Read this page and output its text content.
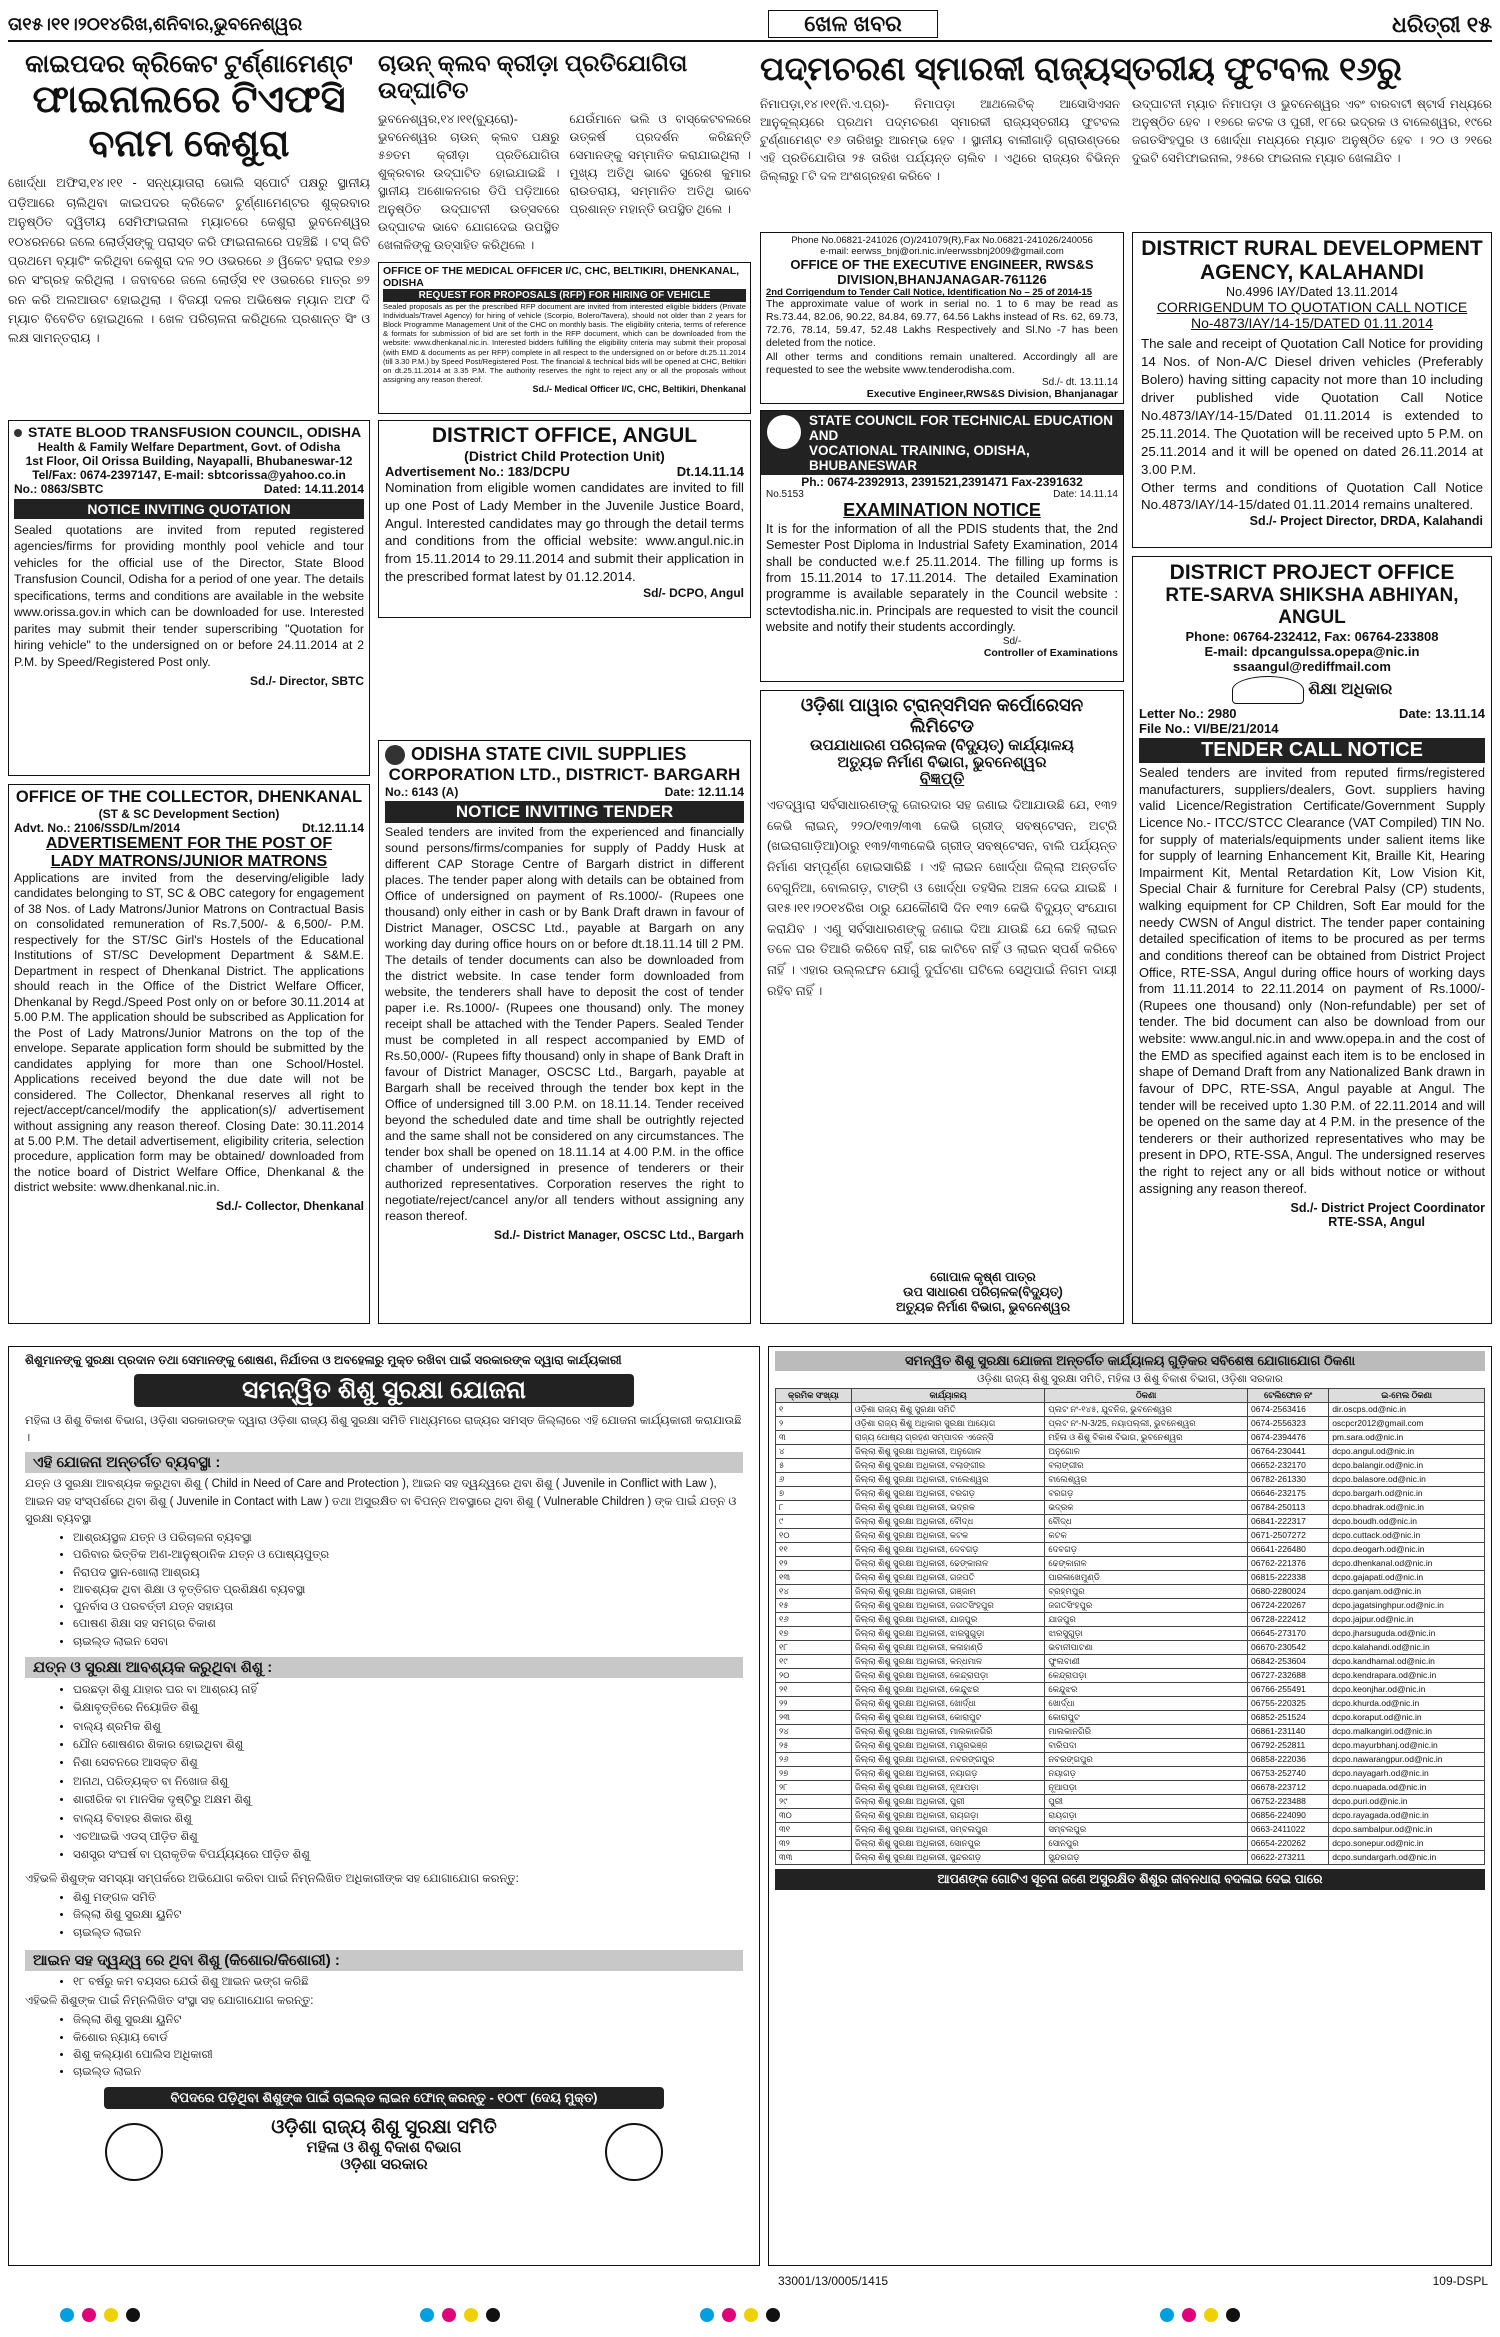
ତା୧୫।୧୧।୨୦୧୪ରିଖ,ଶନିବାର,ଭୁବନେଶ୍ୱର	ଖେଳ ଖବର	ଧରିତ୍ରୀ ୧୫
କାଇପଦର କ୍ରିକେଟ ଟୁର୍ଣ୍ଣାମେଣ୍ଟ
ଫାଇନାଲରେ ଟିଏଫସି
ବନାମ କେଶୁରା
ଖୋର୍ଦ୍ଧା ଅଫିସ,୧୪।୧୧ - ସନ୍ଧ୍ୟାତାରା ଭୋଲି ସ୍ପୋର୍ଟ ପକ୍ଷରୁ ସ୍ଥାନୀୟ ପଡ଼ିଆରେ ଚାଲିଥିବା କାଇପଦର କ୍ରିକେଟ ଟୁର୍ଣ୍ଣାମେଣ୍ଟର ଶୁକ୍ରବାର ଅନୁଷ୍ଠିତ ଦ୍ୱିତୀୟ ସେମିଫାଇନାଲ ମ୍ୟାଚରେ କେଶୁରା ଭୁବନେଶ୍ୱର ୧୦୪ରନରେ ଜଲେ ଲୋର୍ଡ୍ସଙ୍କୁ ପରାସ୍ତ କରି ଫାଇନାଲରେ ପହଞ୍ଚିଛି । ଟସ୍ ଜିତି ପ୍ରଥମେ ବ୍ୟାଟିଂ କରିଥିବା କେଶୁରା ଦଳ ୨୦ ଓଭରରେ ୬ ୱିକେଟ ହରାଇ ୧୭୬ ରନ ସଂଗ୍ରହ କରିଥିଲା । ଜବାବରେ ଜଲେ ଲୋର୍ଡ୍ସ ୧୧ ଓଭରରେ ମାତ୍ର ୭୨ ରନ କରି ଅଲଆଉଟ ହୋଇଥିଲା । ବିଜୟୀ ଦଳର ଅଭିଷେକ ମ୍ୟାନ ଅଫ ଦି ମ୍ୟାଚ ବିବେଚିତ ହୋଇଥିଲେ । ଖେଳ ପରିଚାଳନା କରିଥିଲେ ପ୍ରଶାନ୍ତ ସିଂ ଓ ଲକ୍ଷ ସାମନ୍ତରାୟ ।
ଚାଉନ୍ କ୍ଲବ କ୍ରୀଡ଼ା ପ୍ରତିଯୋଗିତା ଉଦ୍‌ଘାଟିତ
ଭୁବନେଶ୍ୱର,୧୪।୧୧(ବ୍ୟୁରୋ)- ଭୁବନେଶ୍ୱର ଚାଉନ୍ କ୍ଲବ ପକ୍ଷରୁ ୫୭ତମ କ୍ରୀଡ଼ା ପ୍ରତିଯୋଗିତା ଶୁକ୍ରବାର ଉଦ୍‌ଘାଟିତ ହୋଇଯାଇଛି । ସ୍ଥାନୀୟ ଅଶୋକନଗର ଡିପି ପଡ଼ିଆରେ ଅନୁଷ୍ଠିତ ଉଦ୍‌ଘାଟନୀ ଉତ୍ସବରେ ଉଦ୍‌ଘାଟକ ଭାବେ ଯୋଗଦେଇ ଉପସ୍ଥିତ ଖେଳାଳିଙ୍କୁ ଉତ୍ସାହିତ କରିଥିଲେ ।
ଯେଉଁମାନେ ଭଲି ଓ ବାସ୍କେଟବଲରେ ଉତ୍କର୍ଷ ପ୍ରଦର୍ଶନ କରିଛନ୍ତି ସେମାନଙ୍କୁ ସମ୍ମାନିତ କରାଯାଇଥିଲା । ମୁଖ୍ୟ ଅତିଥି ଭାବେ ସୁରେଶ କୁମାର ରାଉତରାୟ, ସମ୍ମାନିତ ଅତିଥି ଭାବେ ପ୍ରଶାନ୍ତ ମହାନ୍ତି ଉପସ୍ଥିତ ଥିଲେ ।
ପଦ୍ମଚରଣ ସ୍ମାରକୀ ରାଜ୍ୟସ୍ତରୀୟ ଫୁଟବଲ ୧୬ରୁ
ନିମାପଡ଼ା,୧୪।୧୧(ନି.ଏ.ପ୍ର)- ନିମାପଡ଼ା ଆଥଲେଟିକ୍ ଆସୋସିଏସନ ଆନୁକୂଲ୍ୟରେ ପ୍ରଥମ ପଦ୍ମଚରଣ ସ୍ମାରକୀ ରାଜ୍ୟସ୍ତରୀୟ ଫୁଟବଲ ଟୁର୍ଣ୍ଣାମେଣ୍ଟ ୧୬ ତାରିଖରୁ ଆରମ୍ଭ ହେବ । ସ୍ଥାନୀୟ ବାଲୀଗାଡ଼ି ଗ୍ରାଉଣ୍ଡରେ ଏହି ପ୍ରତିଯୋଗିତା ୨୫ ତାରିଖ ପର୍ଯ୍ୟନ୍ତ ଚାଲିବ । ଏଥିରେ ରାଜ୍ୟର ବିଭିନ୍ନ ଜିଲ୍ଲାରୁ ୮ଟି ଦଳ ଅଂଶଗ୍ରହଣ କରିବେ ।
ଉଦ୍‌ଘାଟନୀ ମ୍ୟାଚ ନିମାପଡ଼ା ଓ ଭୁବନେଶ୍ୱର ଏବଂ ବାରବାଟୀ ଷ୍ଟାର୍ସ ମଧ୍ୟରେ ଅନୁଷ୍ଠିତ ହେବ । ୧୭ରେ କଟକ ଓ ପୁରୀ, ୧୮ରେ ଭଦ୍ରକ ଓ ବାଲେଶ୍ୱର, ୧୯ରେ ଜଗତସିଂହପୁର ଓ ଖୋର୍ଦ୍ଧା ମଧ୍ୟରେ ମ୍ୟାଚ ଅନୁଷ୍ଠିତ ହେବ । ୨୦ ଓ ୨୧ରେ ଦୁଇଟି ସେମିଫାଇନାଲ, ୨୫ରେ ଫାଇନାଲ ମ୍ୟାଚ ଖେଳାଯିବ ।
STATE BLOOD TRANSFUSION COUNCIL, ODISHA
Health & Family Welfare Department, Govt. of Odisha
1st Floor, Oil Orissa Building, Nayapalli, Bhubaneswar-12
Tel/Fax: 0674-2397147, E-mail: sbtcorissa@yahoo.co.in
No.: 0863/SBTC	Dated: 14.11.2014
NOTICE INVITING QUOTATION
Sealed quotations are invited from reputed registered agencies/firms for providing monthly pool vehicle and tour vehicles for the official use of the Director, State Blood Transfusion Council, Odisha for a period of one year. The details specifications, terms and conditions are available in the website www.orissa.gov.in which can be downloaded for use. Interested parites may submit their tender superscribing "Quotation for hiring vehicle" to the undersigned on or before 24.11.2014 at 2 P.M. by Speed/Registered Post only.
Sd./- Director, SBTC
OFFICE OF THE MEDICAL OFFICER I/C, CHC, BELTIKIRI, DHENKANAL, ODISHA
REQUEST FOR PROPOSALS (RFP) FOR HIRING OF VEHICLE
Sealed proposals as per the prescribed RFP document are invited from interested eligible bidders (Private Individuals/Travel Agency) for hiring of vehicle (Scorpio, Bolero/Tavera), should not older than 2 years for Block Programme Management Unit of the CHC on monthly basis. The eligibility criteria, terms of reference & formats for submission of bid are set forth in the RFP document, which can be downloaded from the website: www.dhenkanal.nic.in. Interested bidders fulfilling the eligibility criteria may submit their proposal (with EMD & documents as per RFP) complete in all respect to the undersigned on or before dt.25.11.2014 (till 3.30 P.M.) by Speed Post/Registered Post. The financial & technical bids will be opened at CHC, Beltikiri on dt.25.11.2014 at 3.35 P.M. The authority reserves the right to reject any or all the proposals without assigning any reason thereof.
Sd./- Medical Officer I/C, CHC, Beltikiri, Dhenkanal
DISTRICT OFFICE, ANGUL
(District Child Protection Unit)
Advertisement No.: 183/DCPU	Dt.14.11.14
Nomination from eligible women candidates are invited to fill up one Post of Lady Member in the Juvenile Justice Board, Angul. Interested candidates may go through the detail terms and conditions from the official website: www.angul.nic.in from 15.11.2014 to 29.11.2014 and submit their application in the prescribed format latest by 01.12.2014.
Sd/- DCPO, Angul
OFFICE OF THE COLLECTOR, DHENKANAL
(ST & SC Development Section)
Advt. No.: 2106/SSD/Lm/2014	Dt.12.11.14
ADVERTISEMENT FOR THE POST OF
LADY MATRONS/JUNIOR MATRONS
Applications are invited from the deserving/eligible lady candidates belonging to ST, SC & OBC category for engagement of 38 Nos. of Lady Matrons/Junior Matrons on Contractual Basis on consolidated remuneration of Rs.7,500/- & 6,500/- P.M. respectively for the ST/SC Girl's Hostels of the Educational Institutions of ST/SC Development Department & S&M.E. Department in respect of Dhenkanal District. The applications should reach in the Office of the District Welfare Officer, Dhenkanal by Regd./Speed Post only on or before 30.11.2014 at 5.00 P.M. The application should be subscribed as Application for the Post of Lady Matrons/Junior Matrons on the top of the envelope. Separate application form should be submitted by the candidates applying for more than one School/Hostel. Applications received beyond the due date will not be considered. The Collector, Dhenkanal reserves all right to reject/accept/cancel/modify the application(s)/ advertisement without assigning any reason thereof. Closing Date: 30.11.2014 at 5.00 P.M. The detail advertisement, eligibility criteria, selection procedure, application form may be obtained/ downloaded from the notice board of District Welfare Office, Dhenkanal & the district website: www.dhenkanal.nic.in.
Sd./- Collector, Dhenkanal
ODISHA STATE CIVIL SUPPLIES
CORPORATION LTD., DISTRICT- BARGARH
No.: 6143 (A)	Date: 12.11.14
NOTICE INVITING TENDER
Sealed tenders are invited from the experienced and financially sound persons/firms/companies for supply of Paddy Husk at different CAP Storage Centre of Bargarh district in different places. The tender paper along with details can be obtained from Office of undersigned on payment of Rs.1000/- (Rupees one thousand) only either in cash or by Bank Draft drawn in favour of District Manager, OSCSC Ltd., payable at Bargarh on any working day during office hours on or before dt.18.11.14 till 2 PM. The details of tender documents can also be downloaded from the district website. In case tender form downloaded from website, the tenderers shall have to deposit the cost of tender paper i.e. Rs.1000/- (Rupees one thousand) only. The money receipt shall be attached with the Tender Papers. Sealed Tender must be completed in all respect accompanied by EMD of Rs.50,000/- (Rupees fifty thousand) only in shape of Bank Draft in favour of District Manager, OSCSC Ltd., Bargarh, payable at Bargarh shall be received through the tender box kept in the Office of undersigned till 3.00 P.M. on 18.11.14. Tender received beyond the scheduled date and time shall be outrightly rejected and the same shall not be considered on any circumstances. The tender box shall be opened on 18.11.14 at 4.00 P.M. in the office chamber of undersigned in presence of tenderers or their authorized representatives. Corporation reserves the right to negotiate/reject/cancel any/or all tenders without assigning any reason thereof.
Sd./- District Manager, OSCSC Ltd., Bargarh
Phone No.06821-241026 (O)/241079(R),Fax No.06821-241026/240056
e-mail: eerwss_bnj@ori.nic.in/eerwssbnj2009@gmail.com
OFFICE OF THE EXECUTIVE ENGINEER, RWS&S
DIVISION,BHANJANAGAR-761126
2nd Corrigendum to Tender Call Notice, Identification No – 25 of 2014-15
The approximate value of work in serial no. 1 to 6 may be read as Rs.73.44, 82.06, 90.22, 84.84, 69.77, 64.56 Lakhs instead of Rs. 62, 69.73, 72.76, 78.14, 59.47, 52.48 Lakhs Respectively and Sl.No -7 has been deleted from the notice.
All other terms and conditions remain unaltered. Accordingly all are requested to see the website www.tenderodisha.com.
Sd./- dt. 13.11.14
Executive Engineer,RWS&S Division, Bhanjanagar
STATE COUNCIL FOR TECHNICAL EDUCATION AND
VOCATIONAL TRAINING, ODISHA, BHUBANESWAR
Ph.: 0674-2392913, 2391521,2391471 Fax-2391632
No.5153	Date: 14.11.14
EXAMINATION NOTICE
It is for the information of all the PDIS students that, the 2nd Semester Post Diploma in Industrial Safety Examination, 2014 shall be conducted w.e.f 25.11.2014. The filling up forms is from 15.11.2014 to 17.11.2014. The detailed Examination programme is available separately in the Council website : sctevtodisha.nic.in. Principals are requested to visit the council website and notify their students accordingly.
Sd/-
Controller of Examinations
ଓଡ଼ିଶା ପାୱାର ଟ୍ରାନ୍ସମିସନ କର୍ପୋରେସନ ଲିମିଟେଡ
ଉପଯାଧାରଣ ପରିଚାଳକ (ବିଦ୍ୟୁତ୍) କାର୍ଯ୍ୟାଳୟ
ଅତ୍ୟୁଚ୍ଚ ନିର୍ମାଣ ବିଭାଗ, ଭୁବନେଶ୍ୱର
ବିଜ୍ଞପ୍ତି
ଏତଦ୍ୱାରା ସର୍ବସାଧାରଣଙ୍କୁ ଜୋରଦାର ସହ ଜଣାଇ ଦିଆଯାଉଛି ଯେ, ୧୩୨ କେଭି ଲାଇନ୍, ୨୨୦/୧୩୨/୩୩ କେଭି ଗ୍ରୀଡ୍ ସବଷ୍ଟେସନ, ଅଟ୍ରି (ଖଇରାଗାଡ଼ିଆ)ଠାରୁ ୧୩୨/୩୩କେଭି ଗ୍ରୀଡ୍ ସବଷ୍ଟେସନ, ବାଲି ପର୍ଯ୍ୟନ୍ତ ନିର୍ମାଣ ସମ୍ପୂର୍ଣ୍ଣ ହୋଇସାରିଛି । ଏହି ଲାଇନ ଖୋର୍ଦ୍ଧା ଜିଲ୍ଲା ଅନ୍ତର୍ଗତ ବେଗୁନିଆ, ବୋଲଗଡ଼, ଟାଙ୍ଗି ଓ ଖୋର୍ଦ୍ଧା ତହସିଲ ଅଞ୍ଚଳ ଦେଇ ଯାଇଛି । ତା୧୫।୧୧।୨୦୧୪ରିଖ ଠାରୁ ଯେକୌଣସି ଦିନ ୧୩୨ କେଭି ବିଦ୍ୟୁତ୍ ସଂଯୋଗ କରାଯିବ । ଏଣୁ ସର୍ବସାଧାରଣଙ୍କୁ ଜଣାଇ ଦିଆ ଯାଉଛି ଯେ କେହି ଲାଇନ ତଳେ ଘର ତିଆରି କରିବେ ନାହିଁ, ଗଛ କାଟିବେ ନାହିଁ ଓ ଲାଇନ ସ୍ପର୍ଶ କରିବେ ନାହିଁ । ଏହାର ଉଲ୍ଲଙ୍ଘନ ଯୋଗୁଁ ଦୁର୍ଘଟଣା ଘଟିଲେ ସେଥିପାଇଁ ନିଗମ ଦାୟୀ ରହିବ ନାହିଁ ।
ଗୋପାଳ କୃଷ୍ଣ ପାତ୍ର
ଉପ ସାଧାରଣ ପରିଚାଳକ(ବିଦ୍ୟୁତ୍)
ଅତ୍ୟୁଚ୍ଚ ନିର୍ମାଣ ବିଭାଗ, ଭୁବନେଶ୍ୱର
DISTRICT RURAL DEVELOPMENT
AGENCY, KALAHANDI
No.4996 IAY/Dated 13.11.2014
CORRIGENDUM TO QUOTATION CALL NOTICE
No-4873/IAY/14-15/DATED 01.11.2014
The sale and receipt of Quotation Call Notice for providing 14 Nos. of Non-A/C Diesel driven vehicles (Preferably Bolero) having sitting capacity not more than 10 including driver published vide Quotation Call Notice No.4873/IAY/14-15/Dated 01.11.2014 is extended to 25.11.2014. The Quotation will be received upto 5 P.M. on 25.11.2014 and it will be opened on dated 26.11.2014 at 3.00 P.M.
Other terms and conditions of Quotation Call Notice No.4873/IAY/14-15/dated 01.11.2014 remains unaltered.
Sd./- Project Director, DRDA, Kalahandi
DISTRICT PROJECT OFFICE
RTE-SARVA SHIKSHA ABHIYAN, ANGUL
Phone: 06764-232412, Fax: 06764-233808
E-mail: dpcangulssa.opepa@nic.in
ssaangul@rediffmail.com
ଶିକ୍ଷା ଅଧିକାର
Letter No.: 2980	Date: 13.11.14
File No.: VI/BE/21/2014
TENDER CALL NOTICE
Sealed tenders are invited from reputed firms/registered manufacturers, suppliers/dealers, Govt. suppliers having valid Licence/Registration Certificate/Government Supply Licence No.- ITCC/STCC Clearance (VAT Compiled) TIN No. for supply of materials/equipments under salient items like for supply of learning Enhancement Kit, Braille Kit, Hearing Impairment Kit, Mental Retardation Kit, Low Vision Kit, Special Chair & furniture for Cerebral Palsy (CP) students, walking equipment for CP Children, Soft Ear mould for the needy CWSN of Angul district. The tender paper containing detailed specification of items to be procured as per terms and conditions thereof can be obtained from District Project Office, RTE-SSA, Angul during office hours of working days from 11.11.2014 to 22.11.2014 on payment of Rs.1000/- (Rupees one thousand) only (Non-refundable) per set of tender. The bid document can also be download from our website: www.angul.nic.in and www.opepa.in and the cost of the EMD as specified against each item is to be enclosed in shape of Demand Draft from any Nationalized Bank drawn in favour of DPC, RTE-SSA, Angul payable at Angul. The tender will be received upto 1.30 P.M. of 22.11.2014 and will be opened on the same day at 4 P.M. in the presence of the tenderers or their authorized representatives who may be present in DPO, RTE-SSA, Angul. The undersigned reserves the right to reject any or all bids without notice or without assigning any reason thereof.
Sd./- District Project Coordinator
RTE-SSA, Angul
ଶିଶୁମାନଙ୍କୁ ସୁରକ୍ଷା ପ୍ରଦାନ ତଥା ସେମାନଙ୍କୁ ଶୋଷଣ, ନିର୍ଯାତନା ଓ ଅବହେଳାରୁ ମୁକ୍ତ ରଖିବା ପାଇଁ ସରକାରଙ୍କ ଦ୍ୱାରା କାର୍ଯ୍ୟକାରୀ
ସମନ୍ୱିତ ଶିଶୁ ସୁରକ୍ଷା ଯୋଜନା
ମହିଳା ଓ ଶିଶୁ ବିକାଶ ବିଭାଗ, ଓଡ଼ିଶା ସରକାରଙ୍କ ଦ୍ୱାରା ଓଡ଼ିଶା ରାଜ୍ୟ ଶିଶୁ ସୁରକ୍ଷା ସମିତି ମାଧ୍ୟମରେ ରାଜ୍ୟର ସମସ୍ତ ଜିଲ୍ଲାରେ ଏହି ଯୋଜନା କାର୍ଯ୍ୟକାରୀ କରାଯାଉଛି ।
ଏହି ଯୋଜନା ଅନ୍ତର୍ଗତ ବ୍ୟବସ୍ଥା :
ଯତ୍ନ ଓ ସୁରକ୍ଷା ଆବଶ୍ୟକ କରୁଥିବା ଶିଶୁ ( Child in Need of Care and Protection ), ଆଇନ ସହ ଦ୍ୱନ୍ଦ୍ୱରେ ଥିବା ଶିଶୁ ( Juvenile in Conflict with Law ), ଆଇନ ସହ ସଂସ୍ପର୍ଶରେ ଥିବା ଶିଶୁ ( Juvenile in Contact with Law ) ତଥା ଅସୁରକ୍ଷିତ ବା ବିପନ୍ନ ଅବସ୍ଥାରେ ଥିବା ଶିଶୁ ( Vulnerable Children ) ଙ୍କ ପାଇଁ ଯତ୍ନ ଓ ସୁରକ୍ଷା ବ୍ୟବସ୍ଥା
• ଆଶ୍ରୟସ୍ଥଳ ଯତ୍ନ ଓ ପରିଚାଳନା ବ୍ୟବସ୍ଥା
• ପରିବାର ଭିତ୍ତିକ ଅଣ-ଆନୁଷ୍ଠାନିକ ଯତ୍ନ ଓ ପୋଷ୍ୟପୁତ୍ର
• ନିରାପଦ ସ୍ଥାନ-ଖୋଲା ଆଶ୍ରୟ
• ଆବଶ୍ୟକ ଥିବା ଶିକ୍ଷା ଓ ବୃତ୍ତିଗତ ପ୍ରଶିକ୍ଷଣ ବ୍ୟବସ୍ଥା
• ପୁନର୍ବାସ ଓ ପରବର୍ତ୍ତୀ ଯତ୍ନ ସହାୟତା
• ପୋଷଣ ଶିକ୍ଷା ସହ ସମଗ୍ର ବିକାଶ
• ଚାଇଲ୍ଡ ଲାଇନ ସେବା
ଯତ୍ନ ଓ ସୁରକ୍ଷା ଆବଶ୍ୟକ କରୁଥିବା ଶିଶୁ :
• ଘରଛଡ଼ା ଶିଶୁ ଯାହାର ଘର ବା ଆଶ୍ରୟ ନାହିଁ
• ଭିକ୍ଷାବୃତ୍ତିରେ ନିୟୋଜିତ ଶିଶୁ
• ବାଲ୍ୟ ଶ୍ରମିକ ଶିଶୁ
• ଯୌନ ଶୋଷଣର ଶିକାର ହୋଇଥିବା ଶିଶୁ
• ନିଶା ସେବନରେ ଆସକ୍ତ ଶିଶୁ
• ଅନାଥ, ପରିତ୍ୟକ୍ତ ବା ନିଖୋଜ ଶିଶୁ
• ଶାରୀରିକ ବା ମାନସିକ ଦୃଷ୍ଟିରୁ ଅକ୍ଷମ ଶିଶୁ
• ବାଲ୍ୟ ବିବାହର ଶିକାର ଶିଶୁ
• ଏଚଆଇଭି ଏଡସ୍ ପୀଡ଼ିତ ଶିଶୁ
• ସଶସ୍ତ୍ର ସଂଘର୍ଷ ବା ପ୍ରାକୃତିକ ବିପର୍ଯ୍ୟୟରେ ପୀଡ଼ିତ ଶିଶୁ
ଏହିଭଳି ଶିଶୁଙ୍କ ସମସ୍ୟା ସମ୍ପର୍କରେ ଅଭିଯୋଗ କରିବା ପାଇଁ ନିମ୍ନଲିଖିତ ଅଧିକାରୀଙ୍କ ସହ ଯୋଗାଯୋଗ କରନ୍ତୁ:
• ଶିଶୁ ମଙ୍ଗଳ ସମିତି
• ଜିଲ୍ଲା ଶିଶୁ ସୁରକ୍ଷା ୟୁନିଟ
• ଚାଇଲ୍ଡ ଲାଇନ
ଆଇନ ସହ ଦ୍ୱନ୍ଦ୍ୱ ରେ ଥିବା ଶିଶୁ (କିଶୋର/କିଶୋରୀ) :
• ୧୮ ବର୍ଷରୁ କମ ବୟସର ଯେଉଁ ଶିଶୁ ଆଇନ ଭଙ୍ଗ କରିଛି
ଏହିଭଳି ଶିଶୁଙ୍କ ପାଇଁ ନିମ୍ନଲିଖିତ ସଂସ୍ଥା ସହ ଯୋଗାଯୋଗ କରନ୍ତୁ:
• ଜିଲ୍ଲା ଶିଶୁ ସୁରକ୍ଷା ୟୁନିଟ
• କିଶୋର ନ୍ୟାୟ ବୋର୍ଡ
• ଶିଶୁ କଲ୍ୟାଣ ପୋଲିସ ଅଧିକାରୀ
• ଚାଇଲ୍ଡ ଲାଇନ
ବିପଦରେ ପଡ଼ିଥିବା ଶିଶୁଙ୍କ ପାଇଁ ଚାଇଲ୍ଡ ଲାଇନ ଫୋନ୍ କରନ୍ତୁ - ୧୦୯୮ (ଦେୟ ମୁକ୍ତ)
ଓଡ଼ିଶା ରାଜ୍ୟ ଶିଶୁ ସୁରକ୍ଷା ସମିତି
ମହିଳା ଓ ଶିଶୁ ବିକାଶ ବିଭାଗ
ଓଡ଼ିଶା ସରକାର
ସମନ୍ୱିତ ଶିଶୁ ସୁରକ୍ଷା ଯୋଜନା ଅନ୍ତର୍ଗତ କାର୍ଯ୍ୟାଳୟ ଗୁଡ଼ିକର ସବିଶେଷ ଯୋଗାଯୋଗ ଠିକଣା
ଓଡ଼ିଶା ରାଜ୍ୟ ଶିଶୁ ସୁରକ୍ଷା ସମିତି, ମହିଳା ଓ ଶିଶୁ ବିକାଶ ବିଭାଗ, ଓଡ଼ିଶା ସରକାର
କ୍ରମିକ ସଂଖ୍ୟା	କାର୍ଯ୍ୟାଳୟ	ଠିକଣା	ଟେଲିଫୋନ ନଂ	ଇ-ମେଲ ଠିକଣା
୧	ଓଡ଼ିଶା ରାଜ୍ୟ ଶିଶୁ ସୁରକ୍ଷା ସମିତି	ପ୍ଲଟ ନଂ-୧୪୫, ଯୁବନିଜ, ଭୁବନେଶ୍ୱର	0674-2563416	dir.oscps.od@nic.in
୨	ଓଡ଼ିଶା ରାଜ୍ୟ ଶିଶୁ ଅଧିକାର ସୁରକ୍ଷା ଆୟୋଗ	ପ୍ଲଟ ନଂ-N-3/25, ନୟାପଲ୍ଲୀ, ଭୁବନେଶ୍ୱର	0674-2556323	oscpcr2012@gmail.com
୩	ରାଜ୍ୟ ପୋଷ୍ୟ ଗ୍ରହଣ ସମ୍ପାଦନ ଏଜେନ୍ସି	ମହିଳା ଓ ଶିଶୁ ବିକାଶ ବିଭାଗ, ଭୁବନେଶ୍ୱର	0674-2394476	pm.sara.od@nic.in
୪	ଜିଲ୍ଲା ଶିଶୁ ସୁରକ୍ଷା ଅଧିକାରୀ, ଅନୁଗୋଳ	ଅନୁଗୋଳ	06764-230441	dcpo.angul.od@nic.in
୫	ଜିଲ୍ଲା ଶିଶୁ ସୁରକ୍ଷା ଅଧିକାରୀ, ବଲାଙ୍ଗୀର	ବଲାଙ୍ଗୀର	06652-232170	dcpo.balangir.od@nic.in
୬	ଜିଲ୍ଲା ଶିଶୁ ସୁରକ୍ଷା ଅଧିକାରୀ, ବାଲେଶ୍ୱର	ବାଲେଶ୍ୱର	06782-261330	dcpo.balasore.od@nic.in
୭	ଜିଲ୍ଲା ଶିଶୁ ସୁରକ୍ଷା ଅଧିକାରୀ, ବରଗଡ଼	ବରଗଡ଼	06646-232175	dcpo.bargarh.od@nic.in
୮	ଜିଲ୍ଲା ଶିଶୁ ସୁରକ୍ଷା ଅଧିକାରୀ, ଭଦ୍ରକ	ଭଦ୍ରକ	06784-250113	dcpo.bhadrak.od@nic.in
୯	ଜିଲ୍ଲା ଶିଶୁ ସୁରକ୍ଷା ଅଧିକାରୀ, ବୌଦ୍ଧ	ବୌଦ୍ଧ	06841-222317	dcpo.boudh.od@nic.in
୧୦	ଜିଲ୍ଲା ଶିଶୁ ସୁରକ୍ଷା ଅଧିକାରୀ, କଟକ	କଟକ	0671-2507272	dcpo.cuttack.od@nic.in
୧୧	ଜିଲ୍ଲା ଶିଶୁ ସୁରକ୍ଷା ଅଧିକାରୀ, ଦେବଗଡ଼	ଦେବଗଡ଼	06641-226480	dcpo.deogarh.od@nic.in
୧୨	ଜିଲ୍ଲା ଶିଶୁ ସୁରକ୍ଷା ଅଧିକାରୀ, ଢେଙ୍କାନାଳ	ଢେଙ୍କାନାଳ	06762-221376	dcpo.dhenkanal.od@nic.in
୧୩	ଜିଲ୍ଲା ଶିଶୁ ସୁରକ୍ଷା ଅଧିକାରୀ, ଗଜପତି	ପାରଳାଖେମୁଣ୍ଡି	06815-222338	dcpo.gajapati.od@nic.in
୧୪	ଜିଲ୍ଲା ଶିଶୁ ସୁରକ୍ଷା ଅଧିକାରୀ, ଗଞ୍ଜାମ	ବ୍ରହ୍ମପୁର	0680-2280024	dcpo.ganjam.od@nic.in
୧୫	ଜିଲ୍ଲା ଶିଶୁ ସୁରକ୍ଷା ଅଧିକାରୀ, ଜଗତସିଂହପୁର	ଜଗତସିଂହପୁର	06724-220267	dcpo.jagatsinghpur.od@nic.in
୧୬	ଜିଲ୍ଲା ଶିଶୁ ସୁରକ୍ଷା ଅଧିକାରୀ, ଯାଜପୁର	ଯାଜପୁର	06728-222412	dcpo.jajpur.od@nic.in
୧୭	ଜିଲ୍ଲା ଶିଶୁ ସୁରକ୍ଷା ଅଧିକାରୀ, ଝାରସୁଗୁଡ଼ା	ଝାରସୁଗୁଡ଼ା	06645-273170	dcpo.jharsuguda.od@nic.in
୧୮	ଜିଲ୍ଲା ଶିଶୁ ସୁରକ୍ଷା ଅଧିକାରୀ, କଳାହାଣ୍ଡି	ଭବାନୀପାଟଣା	06670-230542	dcpo.kalahandi.od@nic.in
୧୯	ଜିଲ୍ଲା ଶିଶୁ ସୁରକ୍ଷା ଅଧିକାରୀ, କନ୍ଧମାଳ	ଫୁଲବାଣୀ	06842-253604	dcpo.kandhamal.od@nic.in
୨୦	ଜିଲ୍ଲା ଶିଶୁ ସୁରକ୍ଷା ଅଧିକାରୀ, କେନ୍ଦ୍ରାପଡ଼ା	କେନ୍ଦ୍ରାପଡ଼ା	06727-232688	dcpo.kendrapara.od@nic.in
୨୧	ଜିଲ୍ଲା ଶିଶୁ ସୁରକ୍ଷା ଅଧିକାରୀ, କେନ୍ଦୁଝର	କେନ୍ଦୁଝର	06766-255491	dcpo.keonjhar.od@nic.in
୨୨	ଜିଲ୍ଲା ଶିଶୁ ସୁରକ୍ଷା ଅଧିକାରୀ, ଖୋର୍ଦ୍ଧା	ଖୋର୍ଦ୍ଧା	06755-220325	dcpo.khurda.od@nic.in
୨୩	ଜିଲ୍ଲା ଶିଶୁ ସୁରକ୍ଷା ଅଧିକାରୀ, କୋରାପୁଟ	କୋରାପୁଟ	06852-251524	dcpo.koraput.od@nic.in
୨୪	ଜିଲ୍ଲା ଶିଶୁ ସୁରକ୍ଷା ଅଧିକାରୀ, ମାଲକାନଗିରି	ମାଲକାନଗିରି	06861-231140	dcpo.malkangiri.od@nic.in
୨୫	ଜିଲ୍ଲା ଶିଶୁ ସୁରକ୍ଷା ଅଧିକାରୀ, ମୟୂରଭଞ୍ଜ	ବାରିପଦା	06792-252811	dcpo.mayurbhanj.od@nic.in
୨୬	ଜିଲ୍ଲା ଶିଶୁ ସୁରକ୍ଷା ଅଧିକାରୀ, ନବରଙ୍ଗପୁର	ନବରଙ୍ଗପୁର	06858-222036	dcpo.nawarangpur.od@nic.in
୨୭	ଜିଲ୍ଲା ଶିଶୁ ସୁରକ୍ଷା ଅଧିକାରୀ, ନୟାଗଡ଼	ନୟାଗଡ଼	06753-252740	dcpo.nayagarh.od@nic.in
୨୮	ଜିଲ୍ଲା ଶିଶୁ ସୁରକ୍ଷା ଅଧିକାରୀ, ନୂଆପଡ଼ା	ନୂଆପଡ଼ା	06678-223712	dcpo.nuapada.od@nic.in
୨୯	ଜିଲ୍ଲା ଶିଶୁ ସୁରକ୍ଷା ଅଧିକାରୀ, ପୁରୀ	ପୁରୀ	06752-223488	dcpo.puri.od@nic.in
୩୦	ଜିଲ୍ଲା ଶିଶୁ ସୁରକ୍ଷା ଅଧିକାରୀ, ରାୟଗଡ଼ା	ରାୟଗଡ଼ା	06856-224090	dcpo.rayagada.od@nic.in
୩୧	ଜିଲ୍ଲା ଶିଶୁ ସୁରକ୍ଷା ଅଧିକାରୀ, ସମ୍ବଲପୁର	ସମ୍ବଲପୁର	0663-2411022	dcpo.sambalpur.od@nic.in
୩୨	ଜିଲ୍ଲା ଶିଶୁ ସୁରକ୍ଷା ଅଧିକାରୀ, ସୋନପୁର	ସୋନପୁର	06654-220262	dcpo.sonepur.od@nic.in
୩୩	ଜିଲ୍ଲା ଶିଶୁ ସୁରକ୍ଷା ଅଧିକାରୀ, ସୁନ୍ଦରଗଡ଼	ସୁନ୍ଦରଗଡ଼	06622-273211	dcpo.sundargarh.od@nic.in
ଆପଣଙ୍କ ଗୋଟିଏ ସୂଚନା ଜଣେ ଅସୁରକ୍ଷିତ ଶିଶୁର ଜୀବନଧାରା ବଦଳାଇ ଦେଇ ପାରେ
33001/13/0005/1415	109-DSPL
